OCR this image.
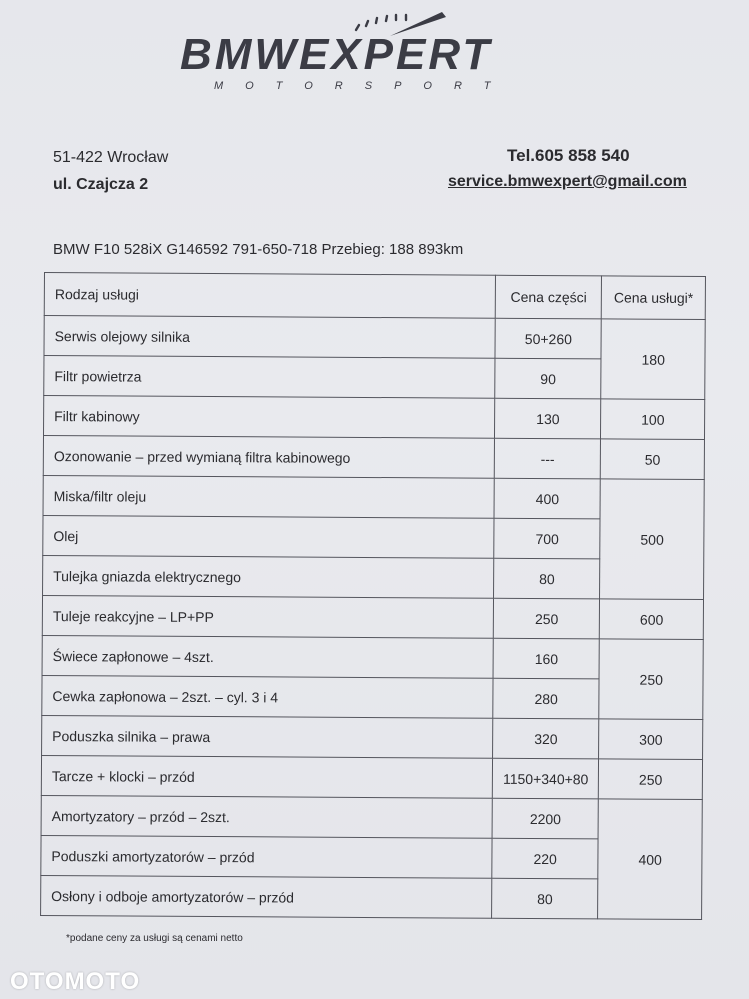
BMWEXPERT
MOTORSPORT
51-422 Wrocław
ul. Czajcza 2
Tel.605 858 540
service.bmwexpert@gmail.com
BMW F10 528iX G146592 791-650-718 Przebieg: 188 893km
Rodzaj usługi	Cena części	Cena usługi*
Serwis olejowy silnika	50+260	180
Filtr powietrza	90	
Filtr kabinowy	130	100
Ozonowanie – przed wymianą filtra kabinowego	---	50
Miska/filtr oleju	400	500
Olej	700	
Tulejka gniazda elektrycznego	80	
Tuleje reakcyjne – LP+PP	250	600
Świece zapłonowe – 4szt.	160	250
Cewka zapłonowa – 2szt. – cyl. 3 i 4	280	
Poduszka silnika – prawa	320	300
Tarcze + klocki – przód	1150+340+80	250
Amortyzatory – przód – 2szt.	2200	400
Poduszki amortyzatorów – przód	220	
Osłony i odboje amortyzatorów – przód	80	
*podane ceny za usługi są cenami netto
OTOMOTO
